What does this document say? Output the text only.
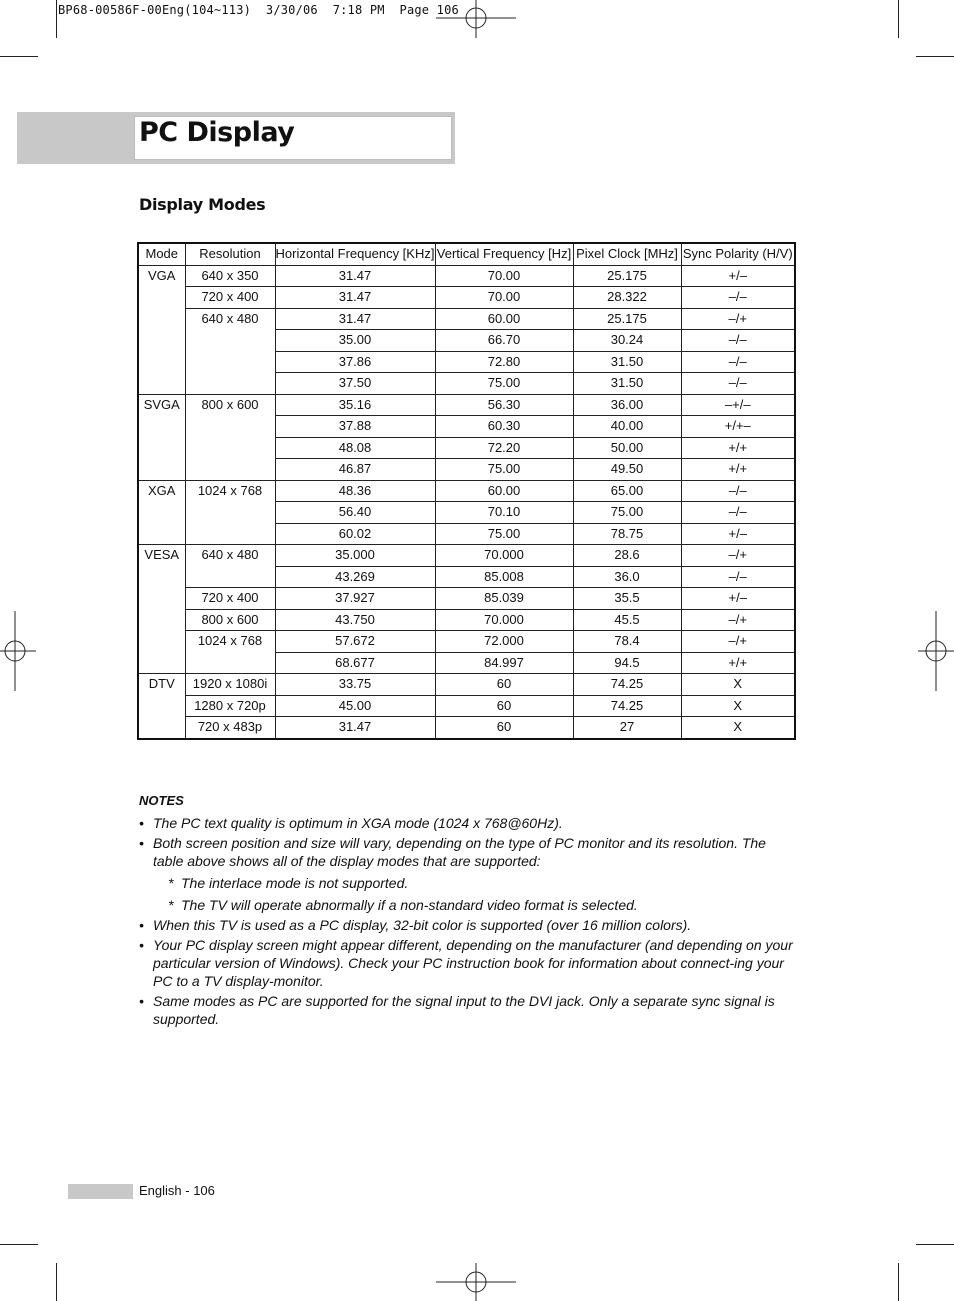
BP68-00586F-00Eng(104~113)  3/30/06  7:18 PM  Page 106
PC Display
Display Modes
Mode	Resolution	Horizontal Frequency [KHz]	Vertical Frequency [Hz]	Pixel Clock [MHz]	Sync Polarity (H/V)
VGA	640 x 350	31.47	70.00	25.175	+/–
	720 x 400	31.47	70.00	28.322	–/–
	640 x 480	31.47	60.00	25.175	–/+
		35.00	66.70	30.24	–/–
		37.86	72.80	31.50	–/–
		37.50	75.00	31.50	–/–
SVGA	800 x 600	35.16	56.30	36.00	–+/–
		37.88	60.30	40.00	+/+–
		48.08	72.20	50.00	+/+
		46.87	75.00	49.50	+/+
XGA	1024 x 768	48.36	60.00	65.00	–/–
		56.40	70.10	75.00	–/–
		60.02	75.00	78.75	+/–
VESA	640 x 480	35.000	70.000	28.6	–/+
		43.269	85.008	36.0	–/–
	720 x 400	37.927	85.039	35.5	+/–
	800 x 600	43.750	70.000	45.5	–/+
	1024 x 768	57.672	72.000	78.4	–/+
		68.677	84.997	94.5	+/+
DTV	1920 x 1080i	33.75	60	74.25	X
	1280 x 720p	45.00	60	74.25	X
	720 x 483p	31.47	60	27	X
NOTES
• The PC text quality is optimum in XGA mode (1024 x 768@60Hz).
• Both screen position and size will vary, depending on the type of PC monitor and its resolution. The table above shows all of the display modes that are supported:
* The interlace mode is not supported.
* The TV will operate abnormally if a non-standard video format is selected.
• When this TV is used as a PC display, 32-bit color is supported (over 16 million colors).
• Your PC display screen might appear different, depending on the manufacturer (and depending on your particular version of Windows). Check your PC instruction book for information about connect-ing your PC to a TV display-monitor.
• Same modes as PC are supported for the signal input to the DVI jack. Only a separate sync signal is supported.
English - 106
